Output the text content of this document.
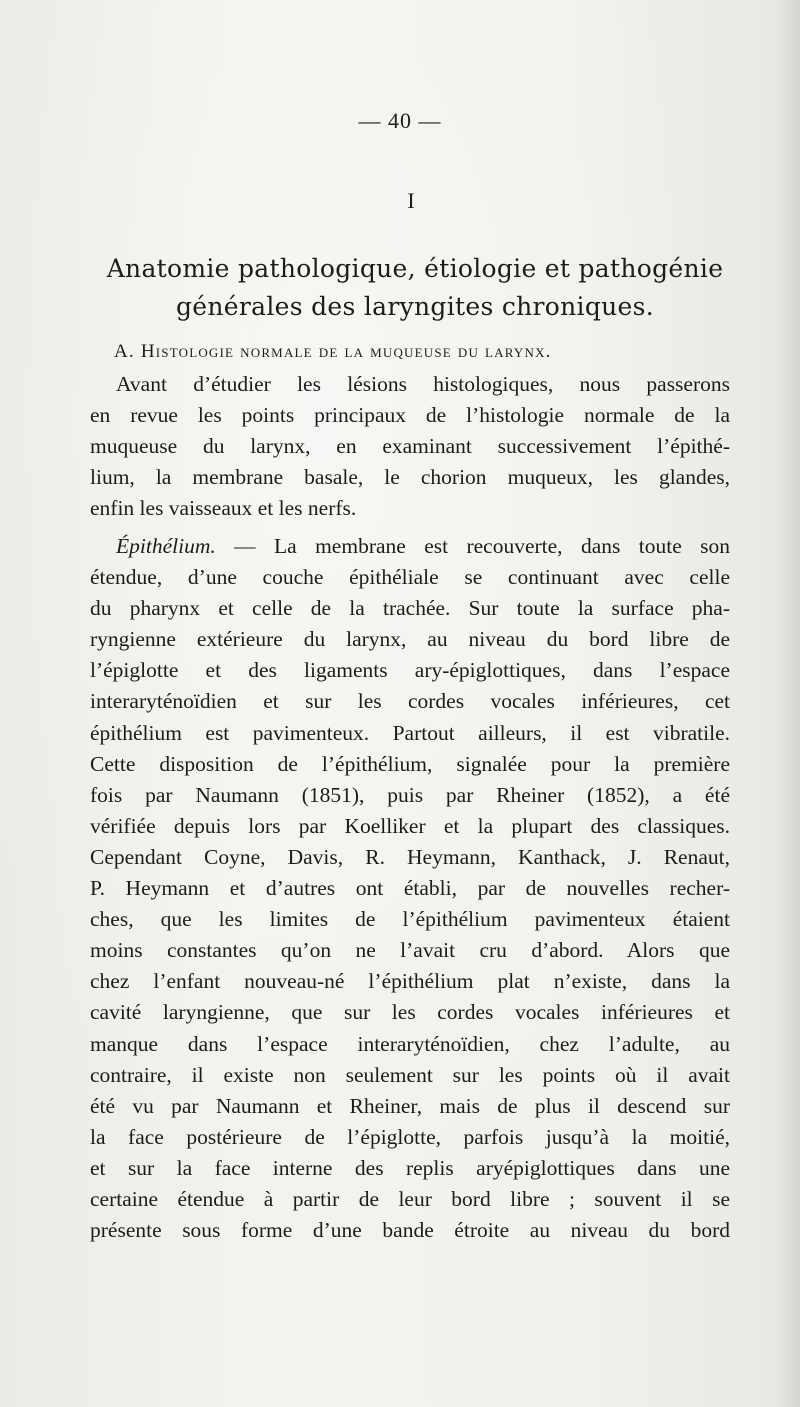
— 40 —
I
Anatomie pathologique, étiologie et pathogénie
générales des laryngites chroniques.
A. Histologie normale de la muqueuse du larynx.
Avant d’étudier les lésions histologiques, nous passerons
en revue les points principaux de l’histologie normale de la
muqueuse du larynx, en examinant successivement l’épithé-
lium, la membrane basale, le chorion muqueux, les glandes,
enfin les vaisseaux et les nerfs.
Épithélium. — La membrane est recouverte, dans toute son
étendue, d’une couche épithéliale se continuant avec celle
du pharynx et celle de la trachée. Sur toute la surface pha-
ryngienne extérieure du larynx, au niveau du bord libre de
l’épiglotte et des ligaments ary-épiglottiques, dans l’espace
interaryténoïdien et sur les cordes vocales inférieures, cet
épithélium est pavimenteux. Partout ailleurs, il est vibratile.
Cette disposition de l’épithélium, signalée pour la première
fois par Naumann (1851), puis par Rheiner (1852), a été
vérifiée depuis lors par Koelliker et la plupart des classiques.
Cependant Coyne, Davis, R. Heymann, Kanthack, J. Renaut,
P. Heymann et d’autres ont établi, par de nouvelles recher-
ches, que les limites de l’épithélium pavimenteux étaient
moins constantes qu’on ne l’avait cru d’abord. Alors que
chez l’enfant nouveau-né l’épithélium plat n’existe, dans la
cavité laryngienne, que sur les cordes vocales inférieures et
manque dans l’espace interaryténoïdien, chez l’adulte, au
contraire, il existe non seulement sur les points où il avait
été vu par Naumann et Rheiner, mais de plus il descend sur
la face postérieure de l’épiglotte, parfois jusqu’à la moitié,
et sur la face interne des replis aryépiglottiques dans une
certaine étendue à partir de leur bord libre ; souvent il se
présente sous forme d’une bande étroite au niveau du bord
